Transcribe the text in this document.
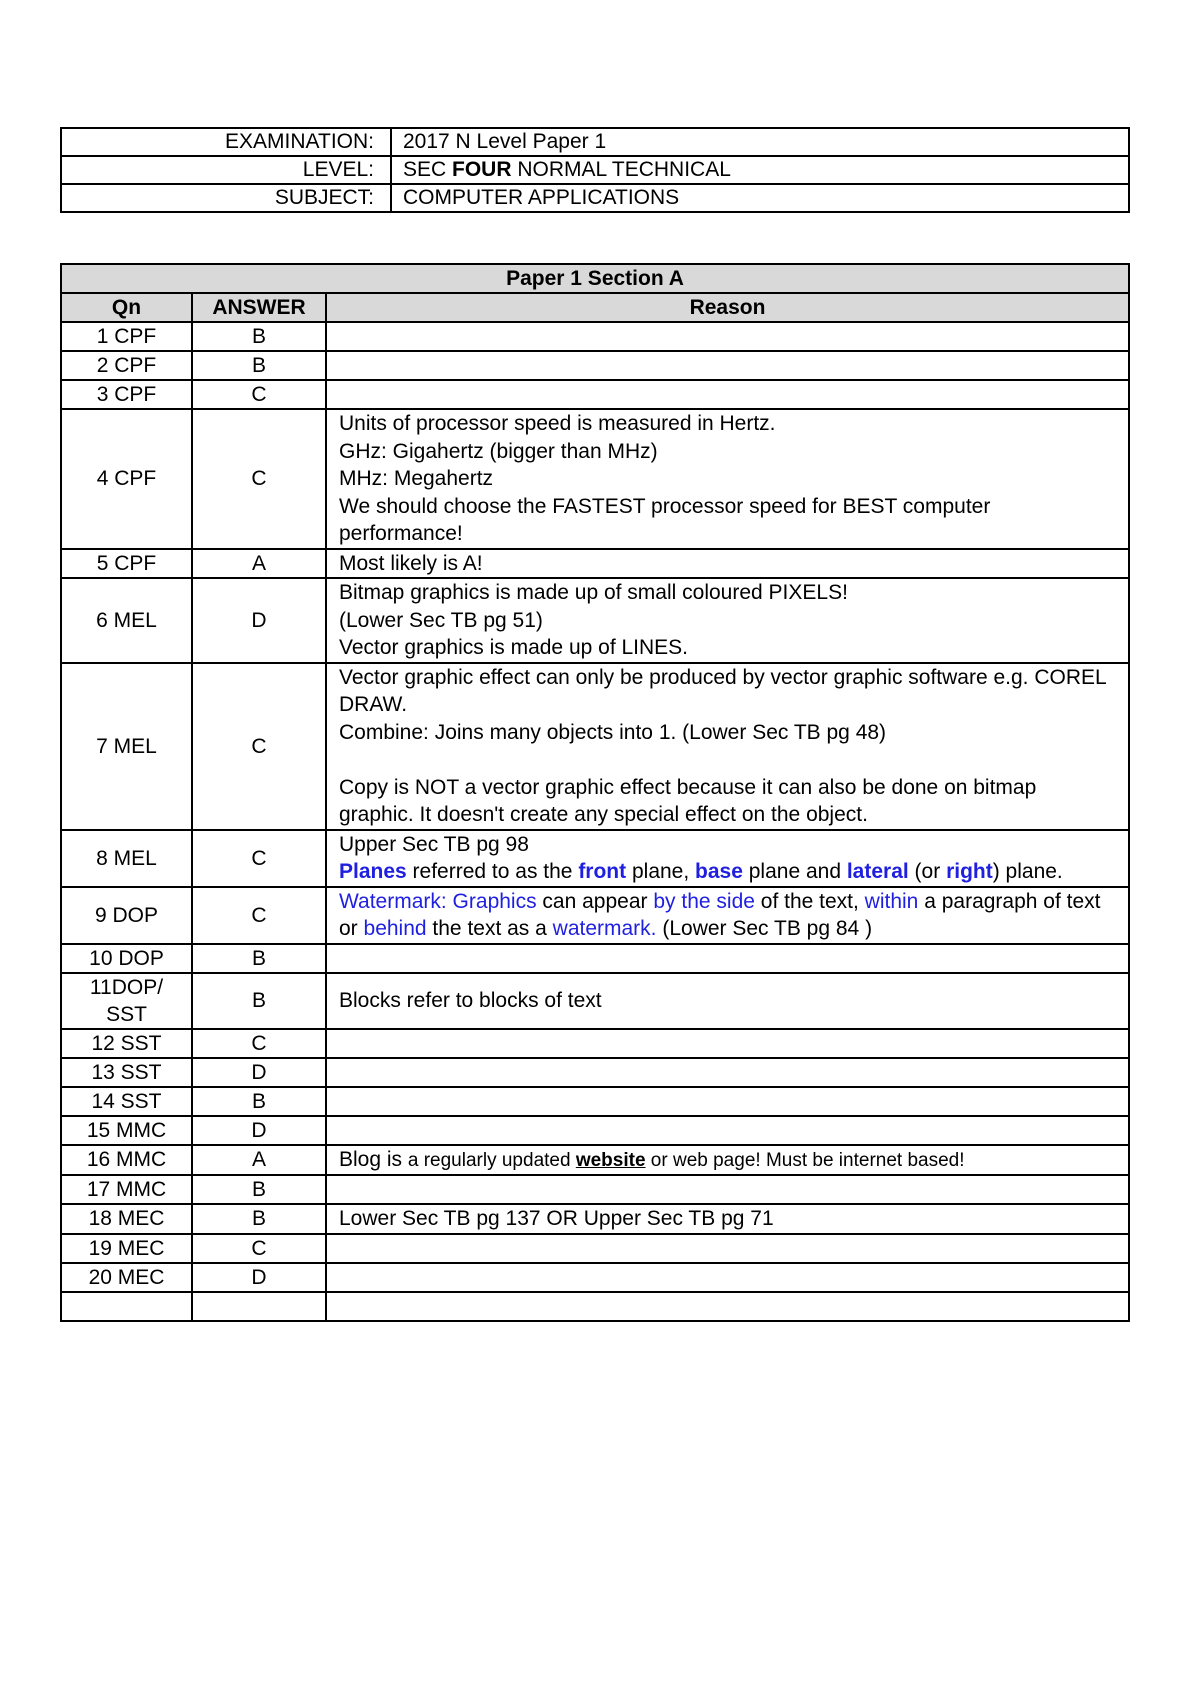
EXAMINATION:	2017 N Level Paper 1
LEVEL:	SEC FOUR NORMAL TECHNICAL
SUBJECT:	COMPUTER APPLICATIONS
Paper 1 Section A		
Qn	ANSWER	Reason
1 CPF	B	
2 CPF	B	
3 CPF	C	
4 CPF	C	Units of processor speed is measured in Hertz.
GHz: Gigahertz (bigger than MHz)
MHz: Megahertz
We should choose the FASTEST processor speed for BEST computer performance!

5 CPF	A	Most likely is A!
6 MEL	D	Bitmap graphics is made up of small coloured PIXELS!
(Lower Sec TB pg 51)
Vector graphics is made up of LINES.

7 MEL	C	Vector graphic effect can only be produced by vector graphic software e.g. COREL DRAW.
Combine: Joins many objects into 1. (Lower Sec TB pg 48)

Copy is NOT a vector graphic effect because it can also be done on bitmap graphic. It doesn't create any special effect on the object.

8 MEL	C	Upper Sec TB pg 98
Planes referred to as the front plane, base plane and lateral (or right) plane.

9 DOP	C	Watermark: Graphics can appear by the side of the text, within a paragraph of text or behind the text as a watermark. (Lower Sec TB pg 84 )
10 DOP	B	
11DOP/ SST	B	Blocks refer to blocks of text
12 SST	C	
13 SST	D	
14 SST	B	
15 MMC	D	
16 MMC	A	Blog is a regularly updated website or web page! Must be internet based!
17 MMC	B	
18 MEC	B	Lower Sec TB pg 137 OR Upper Sec TB pg 71
19 MEC	C	
20 MEC	D	
